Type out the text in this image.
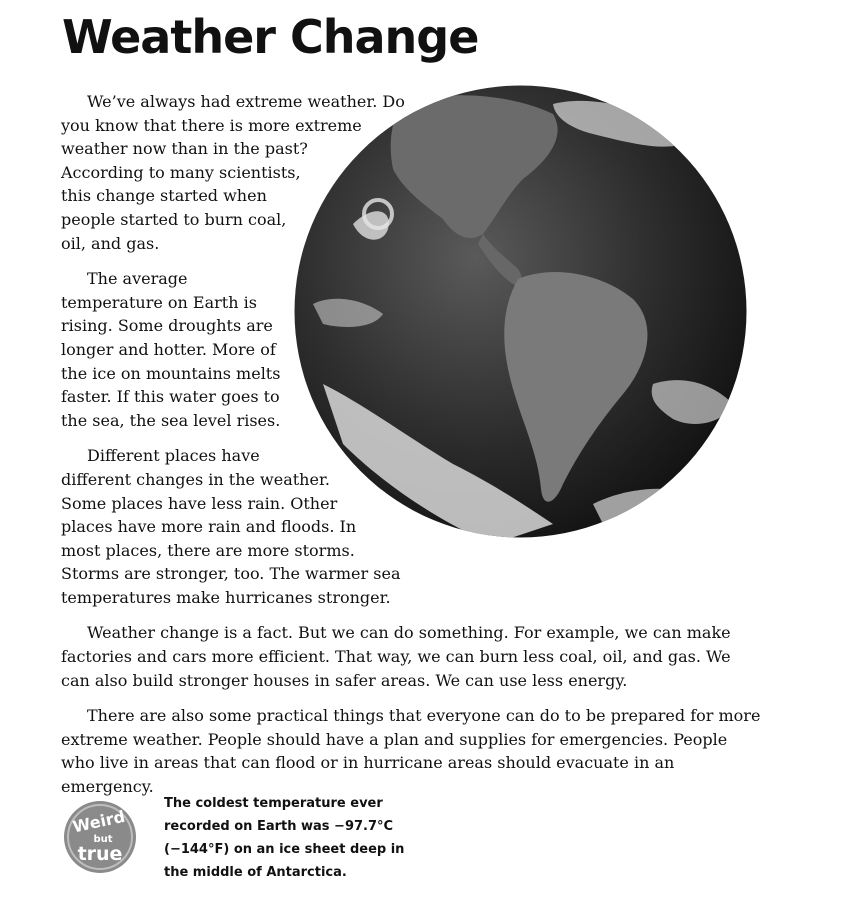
Weather Change

We’ve always had extreme weather. Do you know that there is more extreme weather now than in the past? According to many scientists, this change started when people started to burn coal, oil, and gas.

The average temperature on Earth is rising. Some droughts are longer and hotter. More of the ice on mountains melts faster. If this water goes to the sea, the sea level rises.

Different places have different changes in the weather. Some places have less rain. Other places have more rain and floods. In most places, there are more storms. Storms are stronger, too. The warmer sea temperatures make hurricanes stronger.

Weather change is a fact. But we can do something. For example, we can make factories and cars more efficient. That way, we can burn less coal, oil, and gas. We can also build stronger houses in safer areas. We can use less energy.

There are also some practical things that everyone can do to be prepared for more extreme weather. People should have a plan and supplies for emergencies. People who live in areas that can flood or in hurricane areas should evacuate in an emergency.

Weird
but
true

The coldest temperature ever recorded on Earth was −97.7°C (−144°F) on an ice sheet deep in the middle of Antarctica.
